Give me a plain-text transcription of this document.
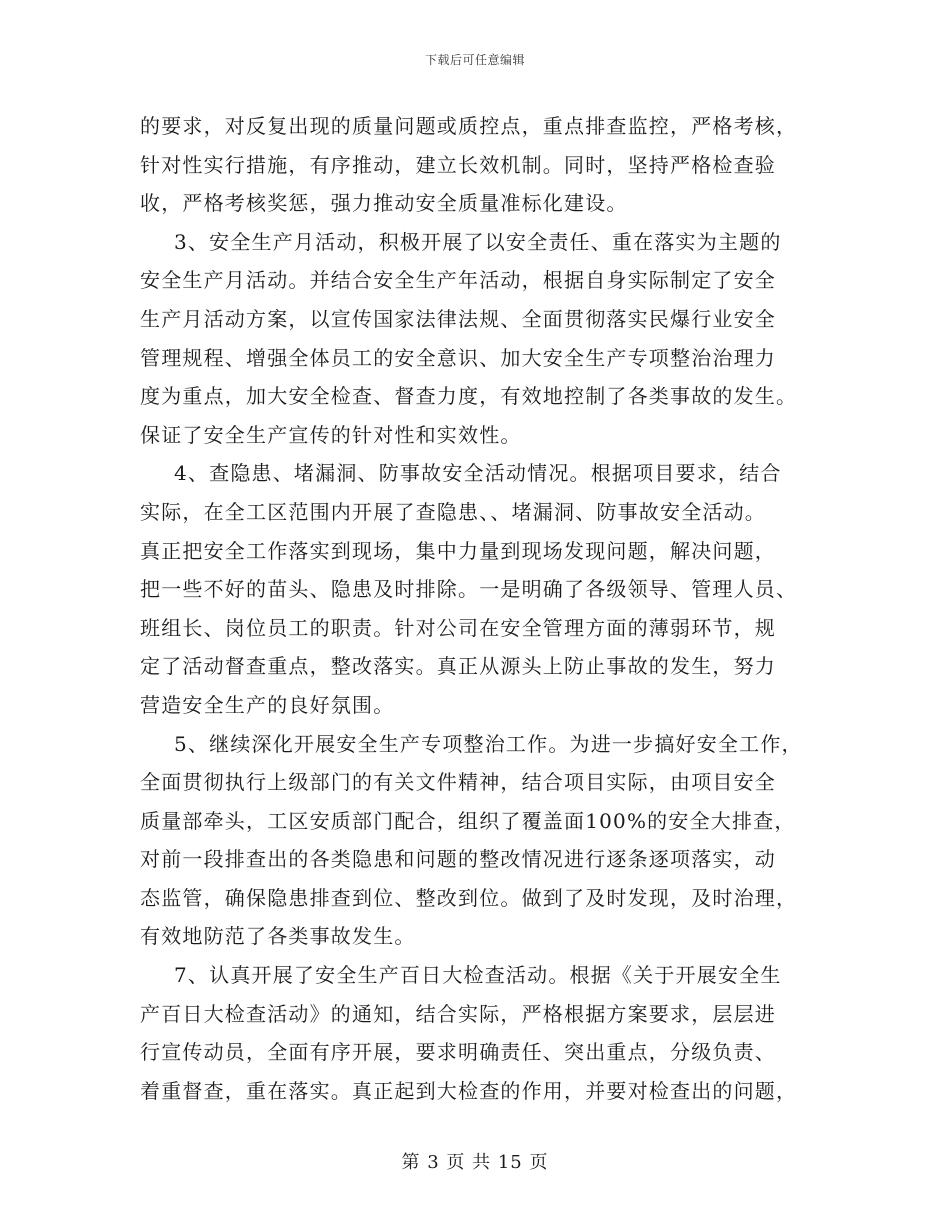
下载后可任意编辑
的要求，对反复出现的质量问题或质控点，重点排查监控，严格考核，
针对性实行措施，有序推动，建立长效机制。同时，坚持严格检查验
收，严格考核奖惩，强力推动安全质量准标化建设。
3、安全生产月活动，积极开展了以安全责任、重在落实为主题的
安全生产月活动。并结合安全生产年活动，根据自身实际制定了安全
生产月活动方案，以宣传国家法律法规、全面贯彻落实民爆行业安全
管理规程、增强全体员工的安全意识、加大安全生产专项整治治理力
度为重点，加大安全检查、督查力度，有效地控制了各类事故的发生。
保证了安全生产宣传的针对性和实效性。
4、查隐患、堵漏洞、防事故安全活动情况。根据项目要求，结合
实际，在全工区范围内开展了查隐患、、堵漏洞、防事故安全活动。
真正把安全工作落实到现场，集中力量到现场发现问题，解决问题，
把一些不好的苗头、隐患及时排除。一是明确了各级领导、管理人员、
班组长、岗位员工的职责。针对公司在安全管理方面的薄弱环节，规
定了活动督查重点，整改落实。真正从源头上防止事故的发生，努力
营造安全生产的良好氛围。
5、继续深化开展安全生产专项整治工作。为进一步搞好安全工作，
全面贯彻执行上级部门的有关文件精神，结合项目实际，由项目安全
质量部牵头，工区安质部门配合，组织了覆盖面100%的安全大排查，
对前一段排查出的各类隐患和问题的整改情况进行逐条逐项落实，动
态监管，确保隐患排查到位、整改到位。做到了及时发现，及时治理，
有效地防范了各类事故发生。
7、认真开展了安全生产百日大检查活动。根据《关于开展安全生
产百日大检查活动》的通知，结合实际，严格根据方案要求，层层进
行宣传动员，全面有序开展，要求明确责任、突出重点，分级负责、
着重督查，重在落实。真正起到大检查的作用，并要对检查出的问题，
第 3 页 共 15 页
